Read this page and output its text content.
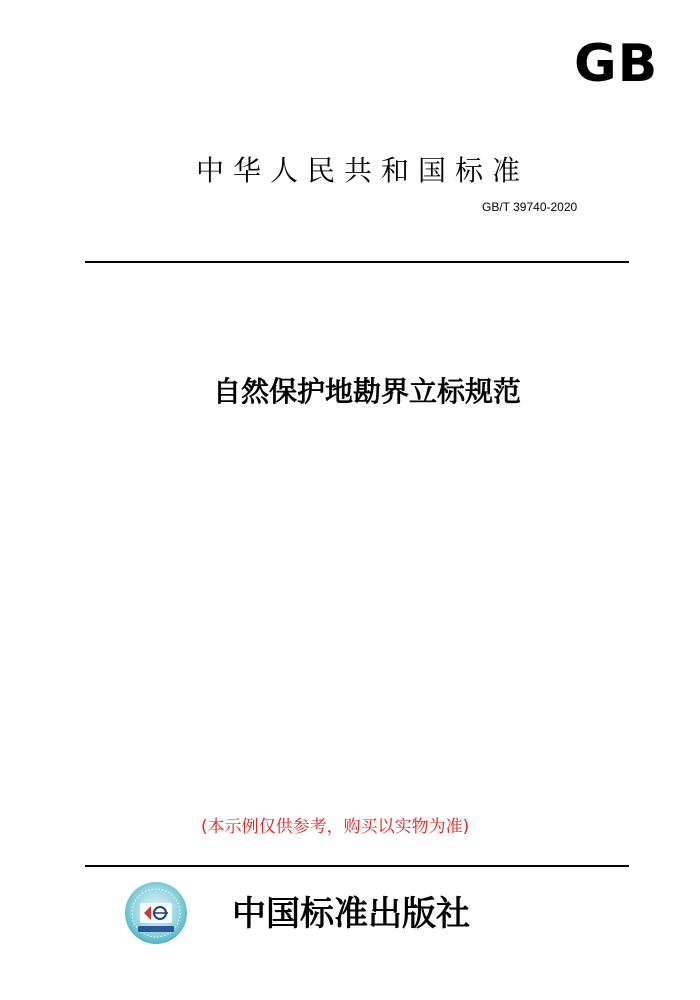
GB
中华人民共和国标准
GB/T 39740-2020
自然保护地勘界立标规范
(本示例仅供参考，购买以实物为准)
中国标准出版社
